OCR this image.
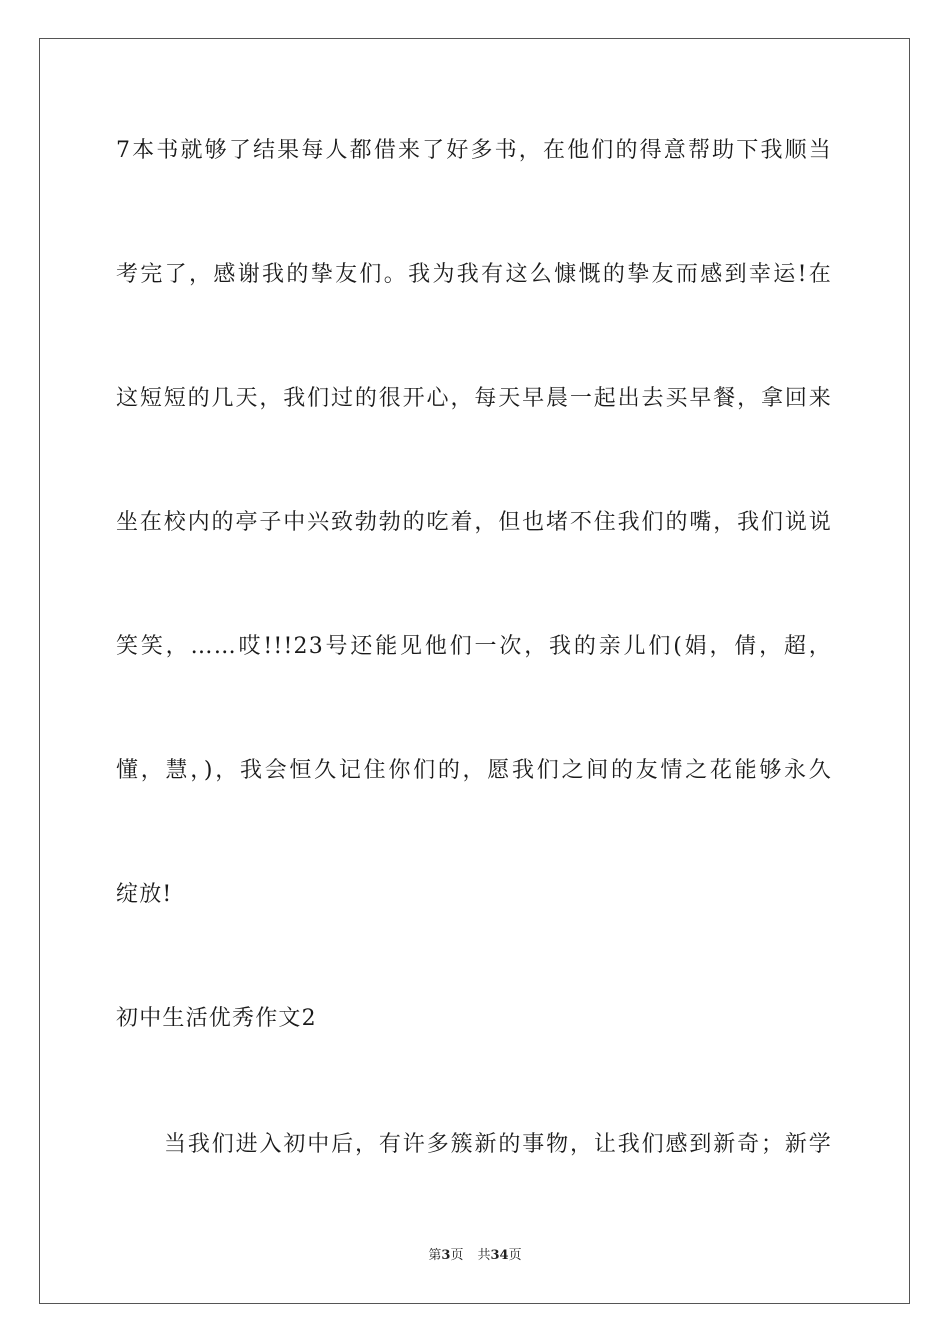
7本书就够了结果每人都借来了好多书，在他们的得意帮助下我顺当
考完了，感谢我的挚友们。我为我有这么慷慨的挚友而感到幸运!在
这短短的几天，我们过的很开心，每天早晨一起出去买早餐，拿回来
坐在校内的亭子中兴致勃勃的吃着，但也堵不住我们的嘴，我们说说
笑笑，……哎!!!23号还能见他们一次，我的亲儿们(娟，倩，超，
懂，慧，)，我会恒久记住你们的，愿我们之间的友情之花能够永久
绽放!
初中生活优秀作文2
当我们进入初中后，有许多簇新的事物，让我们感到新奇；新学
第3页 共34页
